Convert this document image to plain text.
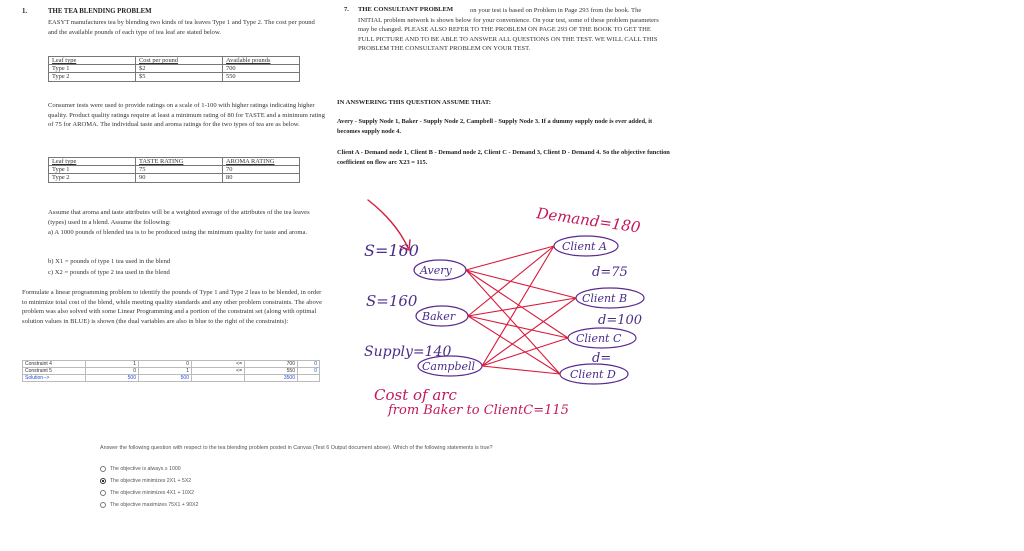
1.	THE TEA BLENDING PROBLEM
EASYT manufactures tea by blending two kinds of tea leaves Type 1 and Type 2. The cost per pound and the available pounds of each type of tea leaf are stated below.
Leaf type	Cost per pound	Available pounds
Type 1	$2	700
Type 2	$5	550
Consumer tests were used to provide ratings on a scale of 1-100 with higher ratings indicating higher quality. Product quality ratings require at least a minimum rating of 80 for TASTE and a minimum rating of 75 for AROMA. The individual taste and aroma ratings for the two types of tea are as below.
Leaf type	TASTE RATING	AROMA RATING
Type 1	75	70
Type 2	90	80
Assume that aroma and taste attributes will be a weighted average of the attributes of the tea leaves (types) used in a blend. Assume the following:
a) A 1000 pounds of blended tea is to be produced using the minimum quality for taste and aroma.
b) X1 = pounds of type 1 tea used in the blend
c) X2 = pounds of type 2 tea used in the blend
Formulate a linear programming problem to identify the pounds of Type 1 and Type 2 leas to be blended, in order to minimize total cost of the blend, while meeting quality standards and any other problem constraints. The above problem was also solved with some Linear Programming and a portion of the constraint set (along with optimal solution values in BLUE) is shown (the dual variables are also in blue to the right of the constraints):
Constraint 4	1	0	<=	700	0
Constraint 5	0	1	<=	550	0
Solution-->	500	500		3500	
7. THE CONSULTANT PROBLEM	on your test is based on Problem in Page 293 from the book. The INITIAL problem network is shown below for your convenience. On your test, some of these problem parameters may be changed. PLEASE ALSO REFER TO THE PROBLEM ON PAGE 293 OF THE BOOK TO GET THE FULL PICTURE AND TO BE ABLE TO ANSWER ALL QUESTIONS ON THE TEST. WE WILL CALL THIS PROBLEM THE CONSULTANT PROBLEM ON YOUR TEST.
IN ANSWERING THIS QUESTION ASSUME THAT:
Avery - Supply Node 1, Baker - Supply Node 2, Campbell - Supply Node 3. If a dummy supply node is ever added, it becomes supply node 4.
Client A - Demand node 1, Client B - Demand node 2, Client C - Demand 3, Client D - Demand 4. So the objective function coefficient on flow arc X23 = 115.
Demand=180
S=160
Avery
S=160
Baker
Supply=140
Campbell
Client A
d=75
Client B
d=100
Client C
d=
Client D
Cost of arc
from Baker to ClientC=115
Answer the following question with respect to the tea blending problem posted in Canvas (Test 6 Output document above). Which of the following statements is true?
The objective is always ≥ 1000
The objective minimizes 2X1 + 5X2
The objective minimizes 4X1 + 10X2
The objective maximizes 75X1 + 90X2
